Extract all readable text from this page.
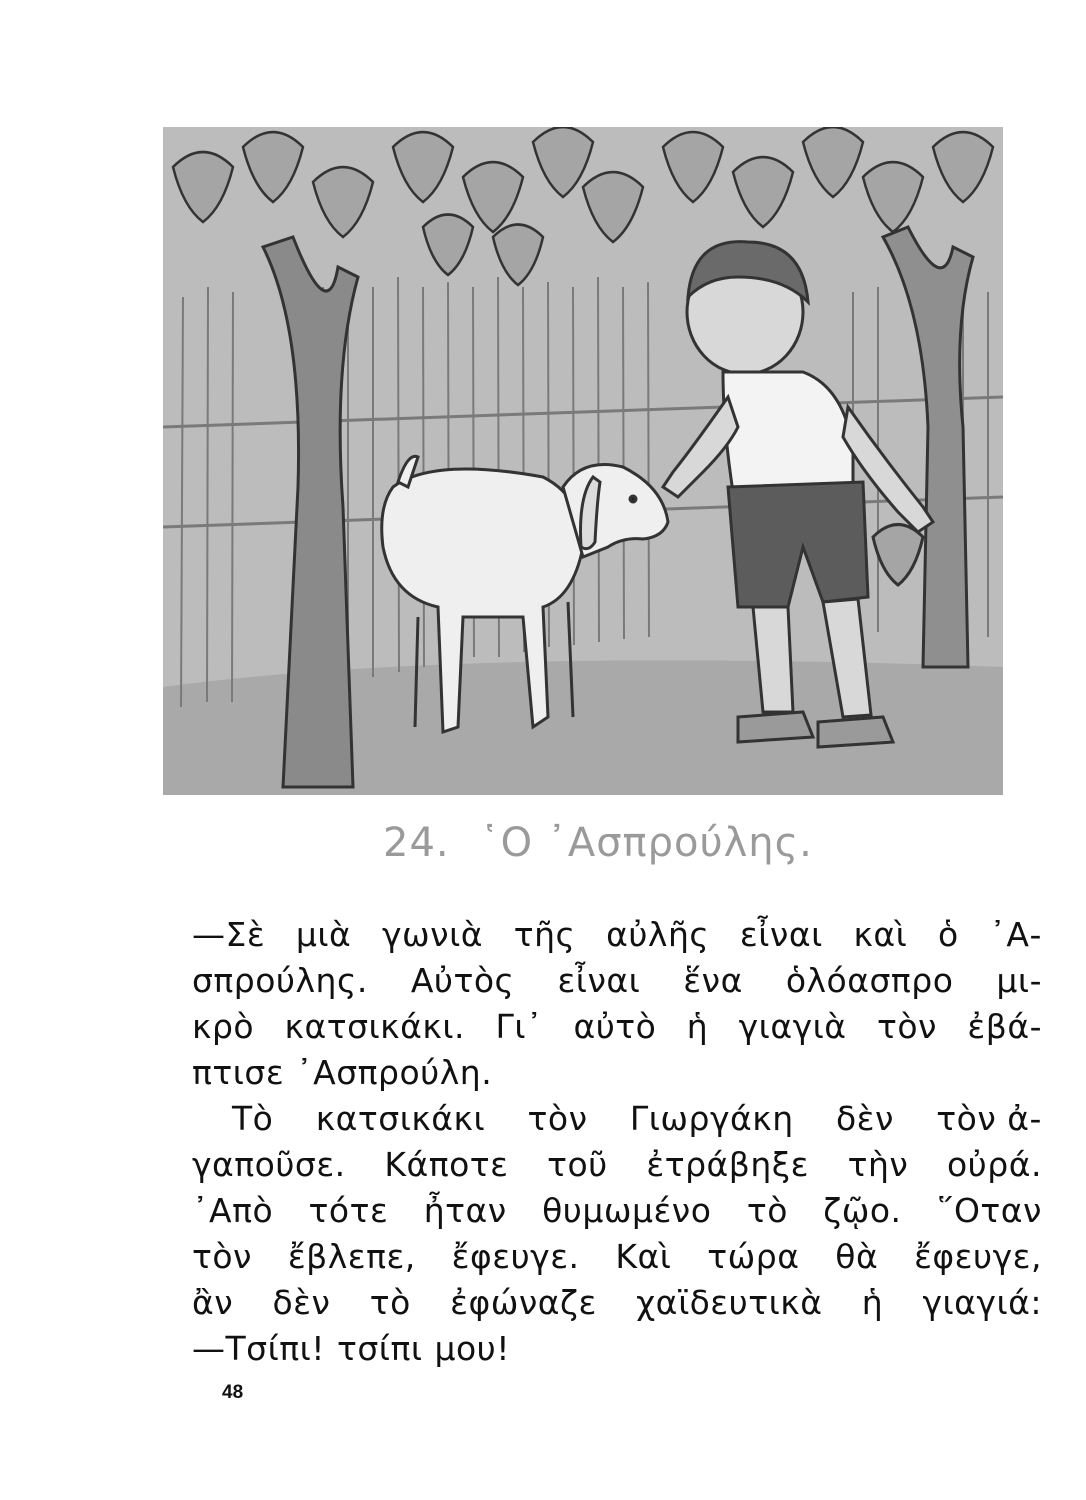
24. ῾Ο ᾿Ασπρούλης.
—Σὲ μιὰ γωνιὰ τῆς αὐλῆς εἶναι καὶ ὁ ᾿Α-
σπρούλης. Αὐτὸς εἶναι ἕνα ὁλόασπρο μι-
κρὸ κατσικάκι. Γι᾿ αὐτὸ ἡ γιαγιὰ τὸν ἐβά-
πτισε ᾿Ασπρούλη.
Τὸ κατσικάκι τὸν Γιωργάκη δὲν τὸν ἀ-
γαποῦσε. Κάποτε τοῦ ἐτράβηξε τὴν οὐρά.
᾿Απὸ τότε ἦταν θυμωμένο τὸ ζῷο. ῞Οταν
τὸν ἔβλεπε, ἔφευγε. Καὶ τώρα θὰ ἔφευγε,
ἂν δὲν τὸ ἐφώναζε χαϊδευτικὰ ἡ γιαγιά:
—Τσίπι! τσίπι μου!
48
